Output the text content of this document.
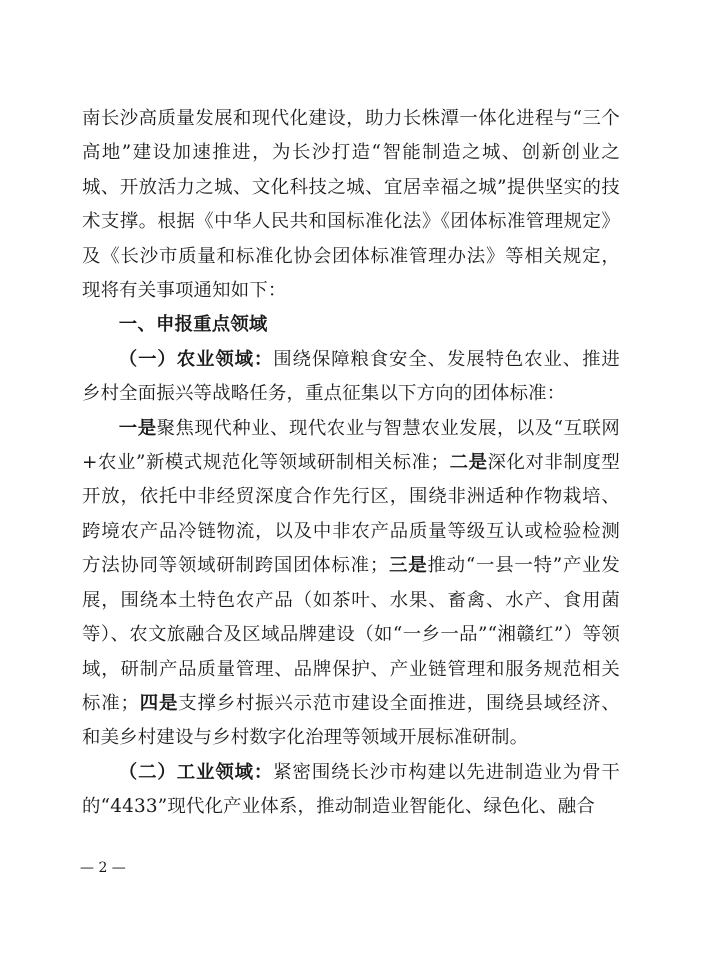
南长沙高质量发展和现代化建设，助力长株潭一体化进程与“三个高地”建设加速推进，为长沙打造“智能制造之城、创新创业之城、开放活力之城、文化科技之城、宜居幸福之城”提供坚实的技术支撑。根据《中华人民共和国标准化法》《团体标准管理规定》及《长沙市质量和标准化协会团体标准管理办法》等相关规定，现将有关事项通知如下：

一、申报重点领域

（一）农业领域：围绕保障粮食安全、发展特色农业、推进乡村全面振兴等战略任务，重点征集以下方向的团体标准：

一是聚焦现代种业、现代农业与智慧农业发展，以及“互联网+农业”新模式规范化等领域研制相关标准；二是深化对非制度型开放，依托中非经贸深度合作先行区，围绕非洲适种作物栽培、跨境农产品冷链物流，以及中非农产品质量等级互认或检验检测方法协同等领域研制跨国团体标准；三是推动“一县一特”产业发展，围绕本土特色农产品（如茶叶、水果、畜禽、水产、食用菌等）、农文旅融合及区域品牌建设（如“一乡一品”“湘赣红”）等领域，研制产品质量管理、品牌保护、产业链管理和服务规范相关标准；四是支撑乡村振兴示范市建设全面推进，围绕县域经济、和美乡村建设与乡村数字化治理等领域开展标准研制。

（二）工业领域：紧密围绕长沙市构建以先进制造业为骨干的“4433”现代化产业体系，推动制造业智能化、绿色化、融合

— 2 —
